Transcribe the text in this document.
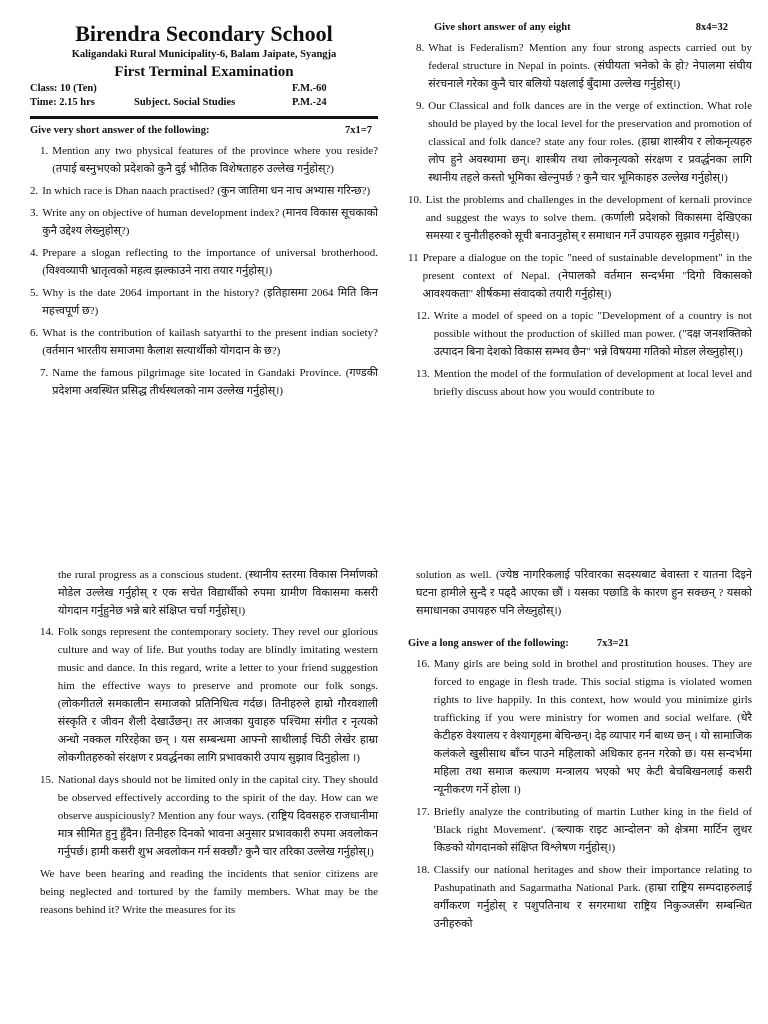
Birendra Secondary School
Kaligandaki Rural Municipality-6, Balam Jaipate, Syangja
First Terminal Examination
Class: 10 (Ten)	F.M.-60
Time: 2.15 hrs	Subject. Social Studies	P.M.-24
Give very short answer of the following:	7x1=7
1. Mention any two physical features of the province where you reside? (तपाई बस्नुभएको प्रदेशको कुनै दुई भौतिक विशेषताहरु उल्लेख गर्नुहोस्?)
2. In which race is Dhan naach practised? (कुन जातिमा धन नाच अभ्यास गरिन्छ?)
3. Write any on objective of human development index? (मानव विकास सूचकाको कुनै उद्देश्य लेख्नुहोस्?)
4. Prepare a slogan reflecting to the importance of universal brotherhood. (विश्वव्यापी भ्रातृत्वको महत्व झल्काउने नारा तयार गर्नुहोस्।)
5. Why is the date 2064 important in the history? (इतिहासमा 2064 मिति किन महत्त्वपूर्ण छ?)
6. What is the contribution of kailash satyarthi to the present indian society? (वर्तमान भारतीय समाजमा कैलाश सत्यार्थीको योगदान के छ?)
7. Name the famous pilgrimage site located in Gandaki Province. (गण्डकी प्रदेशमा अवस्थित प्रसिद्ध तीर्थस्थलको नाम उल्लेख गर्नुहोस्।)
Give short answer of any eight	8x4=32
8. What is Federalism? Mention any four strong aspects carried out by federal structure in Nepal in points. (संघीयता भनेको के हो? नेपालमा संघीय संरचनाले गरेका कुनै चार बलियो पक्षलाई बुँदामा उल्लेख गर्नुहोस्।)
9. Our Classical and folk dances are in the verge of extinction. What role should be played by the local level for the preservation and promotion of classical and folk dance? state any four roles. (हाम्रा शास्त्रीय र लोकनृत्यहरु लोप हुने अवस्थामा छन्। शास्त्रीय तथा लोकनृत्यको संरक्षण र प्रवर्द्धनका लागि स्थानीय तहले कस्तो भूमिका खेल्नुपर्छ ? कुनै चार भूमिकाहरु उल्लेख गर्नुहोस्।)
10. List the problems and challenges in the development of kernali province and suggest the ways to solve them. (कर्णाली प्रदेशको विकासमा देखिएका समस्या र चुनौतीहरुको सूची बनाउनुहोस् र समाधान गर्ने उपायहरु सुझाव गर्नुहोस्।)
11 Prepare a dialogue on the topic "need of sustainable development" in the present context of Nepal. (नेपालको वर्तमान सन्दर्भमा "दिगो विकासको आवश्यकता" शीर्षकमा संवादको तयारी गर्नुहोस्।)
12. Write a model of speed on a topic "Development of a country is not possible without the production of skilled man power. ("दक्ष जनशक्तिको उत्पादन बिना देशको विकास सम्भव छैन" भन्ने विषयमा गतिको मोडल लेख्नुहोस्।)
13. Mention the model of the formulation of development at local level and briefly discuss about how you would contribute to
the rural progress as a conscious student. (स्थानीय स्तरमा विकास निर्माणको मोडेल उल्लेख गर्नुहोस् र एक सचेत विद्यार्थीको रुपमा ग्रामीण विकासमा कसरी योगदान गर्नुहुनेछ भन्ने बारे संक्षिप्त चर्चा गर्नुहोस्।)
14. Folk songs represent the contemporary society. They revel our glorious culture and way of life. But youths today are blindly imitating western music and dance. In this regard, write a letter to your friend suggestion him the effective ways to preserve and promote our folk songs. (लोकगीतले समकालीन समाजको प्रतिनिधित्व गर्दछ। तिनीहरुले हाम्रो गौरवशाली संस्कृति र जीवन शैली देखाउँछन्। तर आजका युवाहरु पश्चिमा संगीत र नृत्यको अन्धो नक्कल गरिरहेका छन् । यस सम्बन्धमा आफ्नो साथीलाई चिठी लेखेर हाम्रा लोकगीतहरुको संरक्षण र प्रवर्द्धनका लागि प्रभावकारी उपाय सुझाव दिनुहोला ।)
15. National days should not be limited only in the capital city. They should be observed effectively according to the spirit of the day. How can we observe auspiciously? Mention any four ways. (राष्ट्रिय दिवसहरु राजधानीमा मात्र सीमित हुनु हुँदैन। तिनीहरु दिनको भावना अनुसार प्रभावकारी रुपमा अवलोकन गर्नुपर्छ। हामी कसरी शुभ अवलोकन गर्न सक्छौं? कुनै चार तरिका उल्लेख गर्नुहोस्।)
We have been hearing and reading the incidents that senior citizens are being neglected and tortured by the family members. What may be the reasons behind it? Write the measures for its
solution as well. (ज्येष्ठ नागरिकलाई परिवारका सदस्यबाट बेवास्ता र यातना दिइने घटना हामीले सुन्दै र पढ्दै आएका छौं । यसका पछाडि के कारण हुन सक्छन् ? यसको समाधानका उपायहरु पनि लेख्नुहोस्।)
Give a long answer of the following:	7x3=21
16. Many girls are being sold in brothel and prostitution houses. They are forced to engage in flesh trade. This social stigma is violated women rights to live happily. In this context, how would you minimize girls trafficking if you were ministry for women and social welfare. (धेरै केटीहरु वेश्यालय र वेश्यागृहमा बेचिन्छन्। देह व्यापार गर्न बाध्य छन् । यो सामाजिक कलंकले खुसीसाथ बाँच्न पाउने महिलाको अधिकार हनन गरेको छ। यस सन्दर्भमा महिला तथा समाज कल्याण मन्त्रालय भएको भए केटी बेचबिखनलाई कसरी न्यूनीकरण गर्ने होला ।)
17. Briefly analyze the contributing of martin Luther king in the field of 'Black right Movement'. ('ब्ल्याक राइट आन्दोलन' को क्षेत्रमा मार्टिन लुथर किङको योगदानको संक्षिप्त विश्लेषण गर्नुहोस्।)
18. Classify our national heritages and show their importance relating to Pashupatinath and Sagarmatha National Park. (हाम्रा राष्ट्रिय सम्पदाहरुलाई वर्गीकरण गर्नुहोस् र पशुपतिनाथ र सगरमाथा राष्ट्रिय निकुञ्जसँग सम्बन्धित उनीहरुको
